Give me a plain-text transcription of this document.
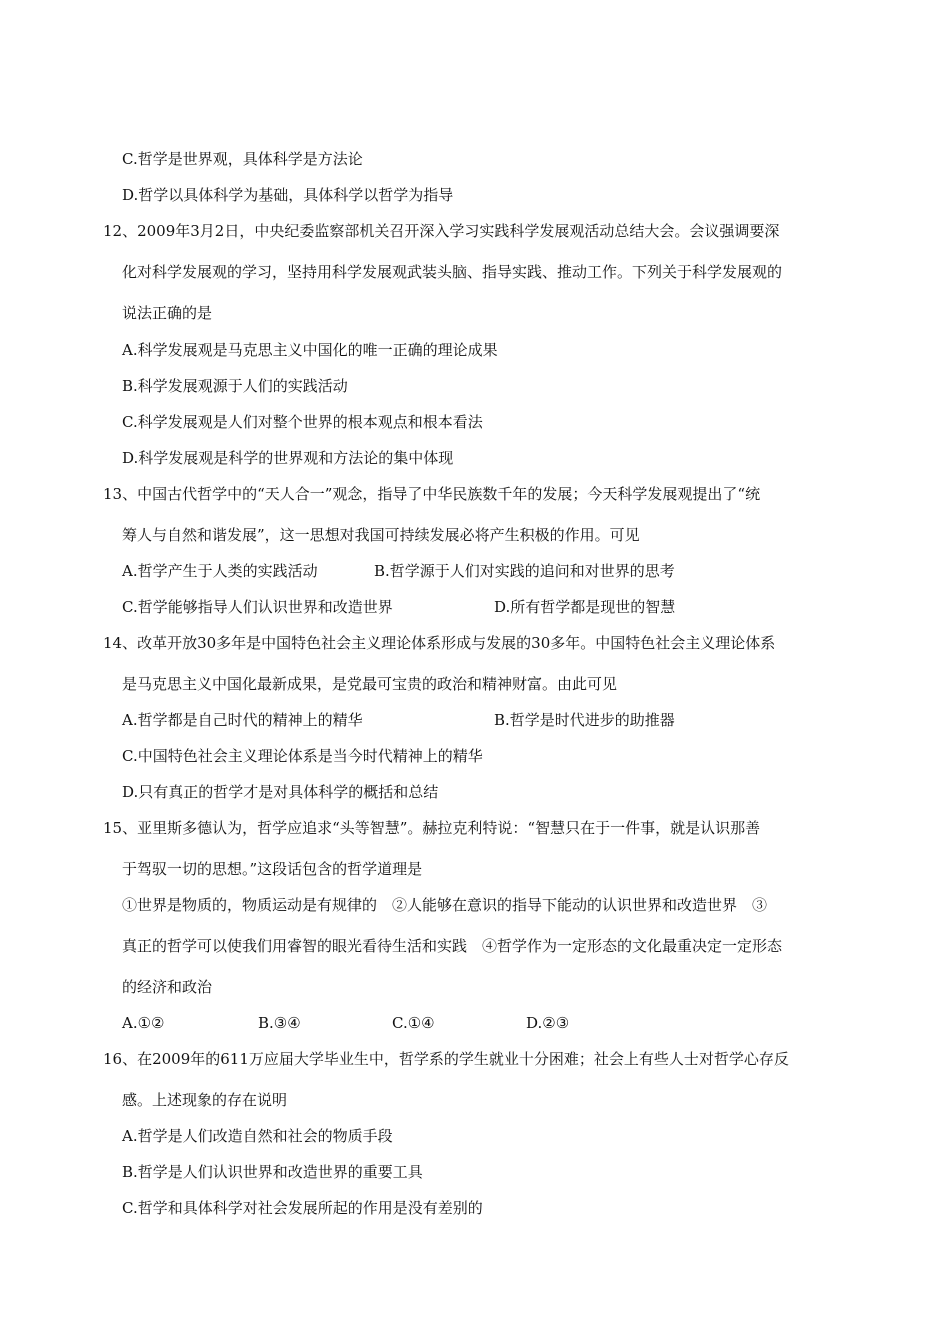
C.哲学是世界观，具体科学是方法论
D.哲学以具体科学为基础，具体科学以哲学为指导
12、2009年3月2日，中央纪委监察部机关召开深入学习实践科学发展观活动总结大会。会议强调要深
化对科学发展观的学习，坚持用科学发展观武装头脑、指导实践、推动工作。下列关于科学发展观的
说法正确的是
A.科学发展观是马克思主义中国化的唯一正确的理论成果
B.科学发展观源于人们的实践活动
C.科学发展观是人们对整个世界的根本观点和根本看法
D.科学发展观是科学的世界观和方法论的集中体现
13、中国古代哲学中的“天人合一”观念，指导了中华民族数千年的发展；今天科学发展观提出了“统
筹人与自然和谐发展”，这一思想对我国可持续发展必将产生积极的作用。可见
A.哲学产生于人类的实践活动	B.哲学源于人们对实践的追问和对世界的思考
C.哲学能够指导人们认识世界和改造世界	D.所有哲学都是现世的智慧
14、改革开放30多年是中国特色社会主义理论体系形成与发展的30多年。中国特色社会主义理论体系
是马克思主义中国化最新成果，是党最可宝贵的政治和精神财富。由此可见
A.哲学都是自己时代的精神上的精华	B.哲学是时代进步的助推器
C.中国特色社会主义理论体系是当今时代精神上的精华
D.只有真正的哲学才是对具体科学的概括和总结
15、亚里斯多德认为，哲学应追求“头等智慧”。赫拉克利特说：“智慧只在于一件事，就是认识那善
于驾驭一切的思想。”这段话包含的哲学道理是
①世界是物质的，物质运动是有规律的　②人能够在意识的指导下能动的认识世界和改造世界　③
真正的哲学可以使我们用睿智的眼光看待生活和实践　④哲学作为一定形态的文化最重决定一定形态
的经济和政治
A.①②	B.③④	C.①④	D.②③
16、在2009年的611万应届大学毕业生中，哲学系的学生就业十分困难；社会上有些人士对哲学心存反
感。上述现象的存在说明
A.哲学是人们改造自然和社会的物质手段
B.哲学是人们认识世界和改造世界的重要工具
C.哲学和具体科学对社会发展所起的作用是没有差别的
